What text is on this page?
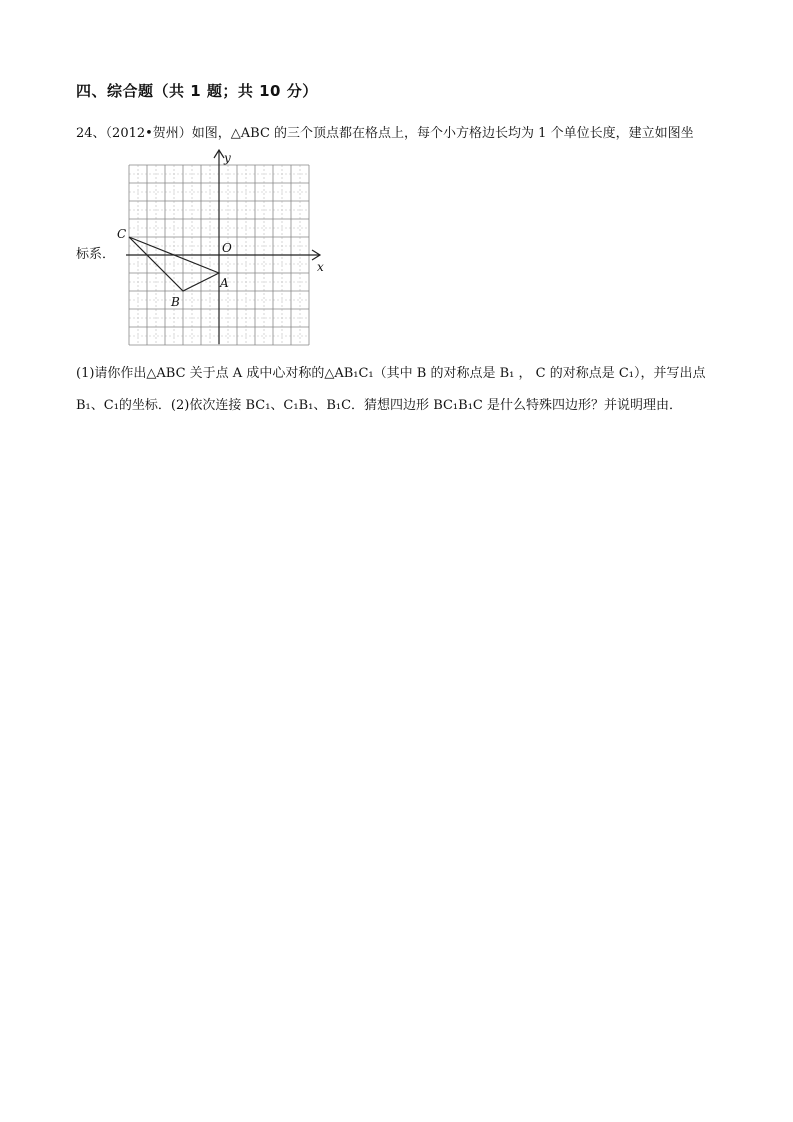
四、综合题（共 1 题；共 10 分）
24、（2012•贺州）如图，△ABC 的三个顶点都在格点上，每个小方格边长均为 1 个单位长度，建立如图坐
标系．
(1)请你作出△ABC 关于点 A 成中心对称的△AB₁C₁（其中 B 的对称点是 B₁ ， C 的对称点是 C₁），并写出点
B₁、C₁的坐标．(2)依次连接 BC₁、C₁B₁、B₁C．猜想四边形 BC₁B₁C 是什么特殊四边形？并说明理由．
y
x
O
A
B
C
